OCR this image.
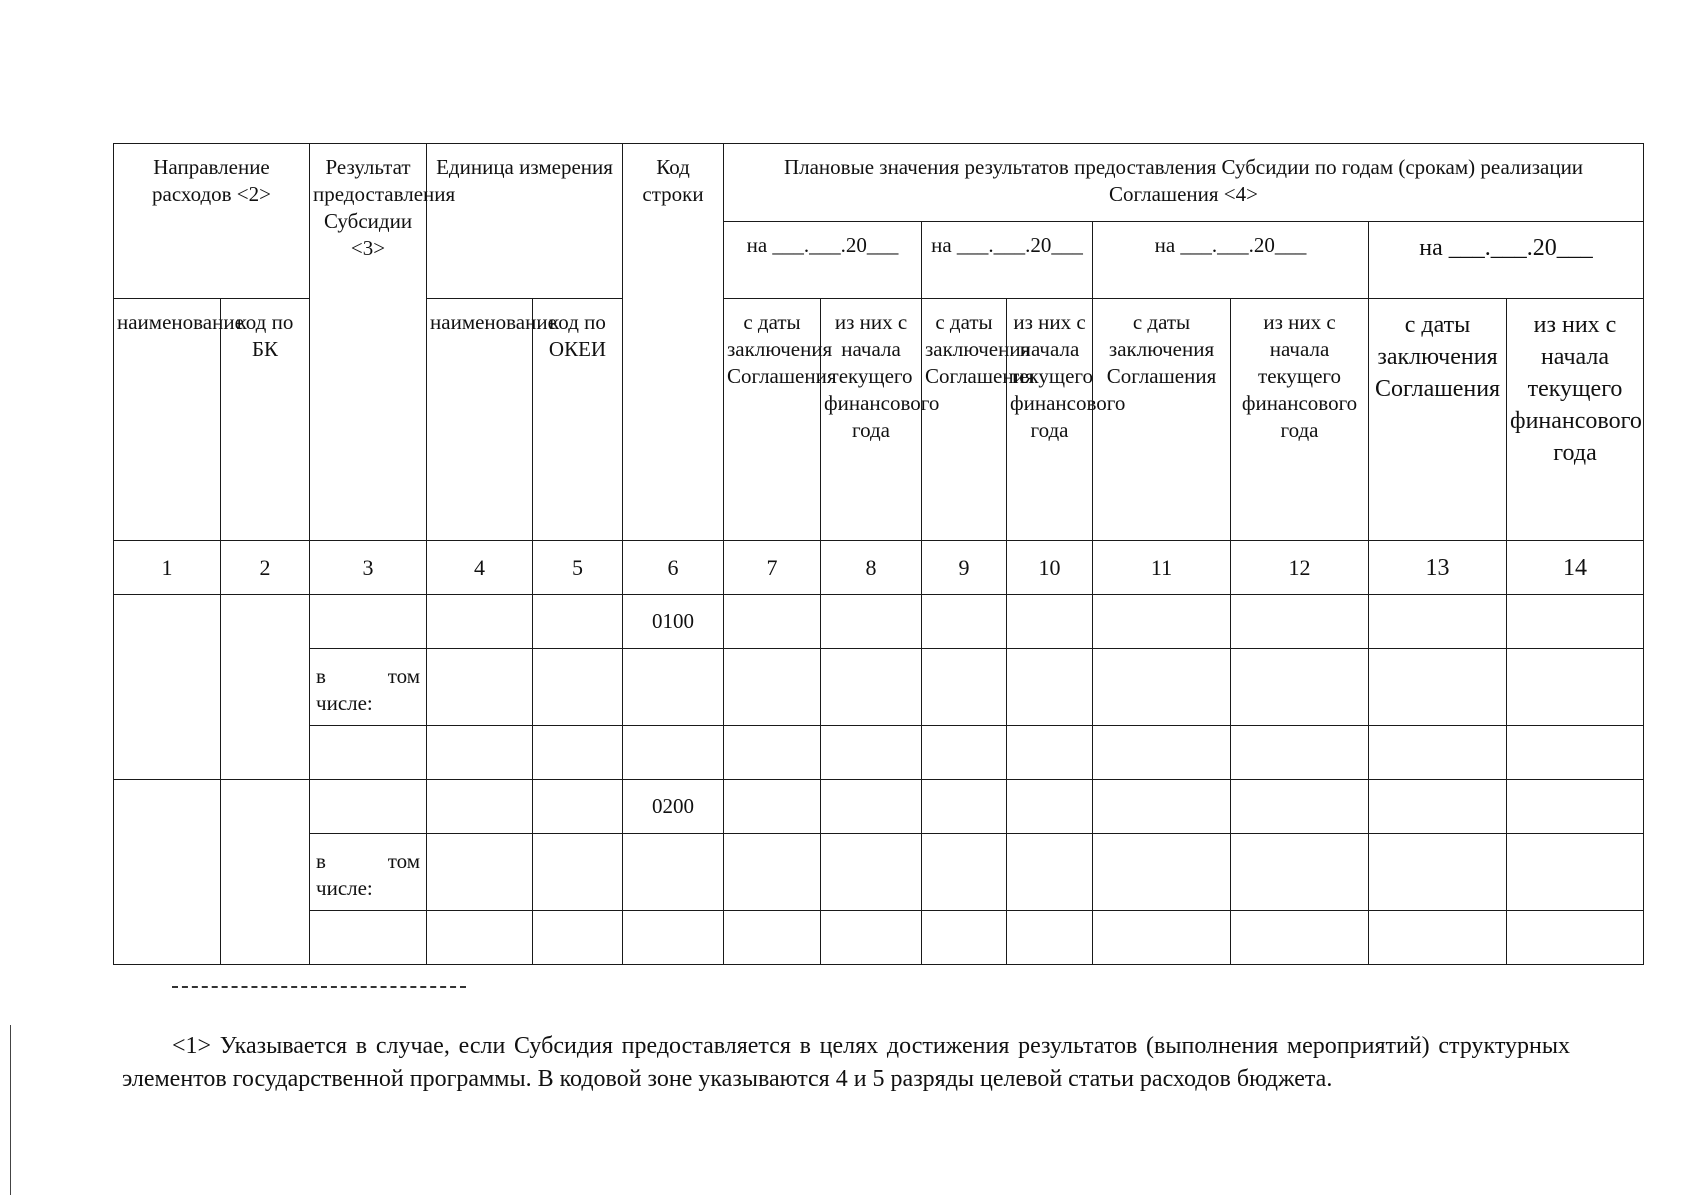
Направление расходов <2>		Результат предоставления Субсидии <3>	Единица измерения		Код строки	Плановые значения результатов предоставления Субсидии по годам (срокам) реализации Соглашения <4>							
						на ___.___.20___		на ___.___.20___		на ___.___.20___		на ___.___.20___	
наименование	код по БК		наименование	код по ОКЕИ		с даты заключения Соглашения	из них с начала текущего финансового года	с даты заключения Соглашения	из них с начала текущего финансового года	с даты заключения Соглашения	из них с начала текущего финансового года	с даты заключения Соглашения	из них с начала текущего финансового года
1	2	3	4	5	6	7	8	9	10	11	12	13	14
					0100								

		в том
числе:											

					0200								

		в том
числе:											

<1> Указывается в случае, если Субсидия предоставляется в целях достижения результатов (выполнения мероприятий) структурных элементов государственной программы. В кодовой зоне указываются 4 и 5 разряды целевой статьи расходов бюджета.
